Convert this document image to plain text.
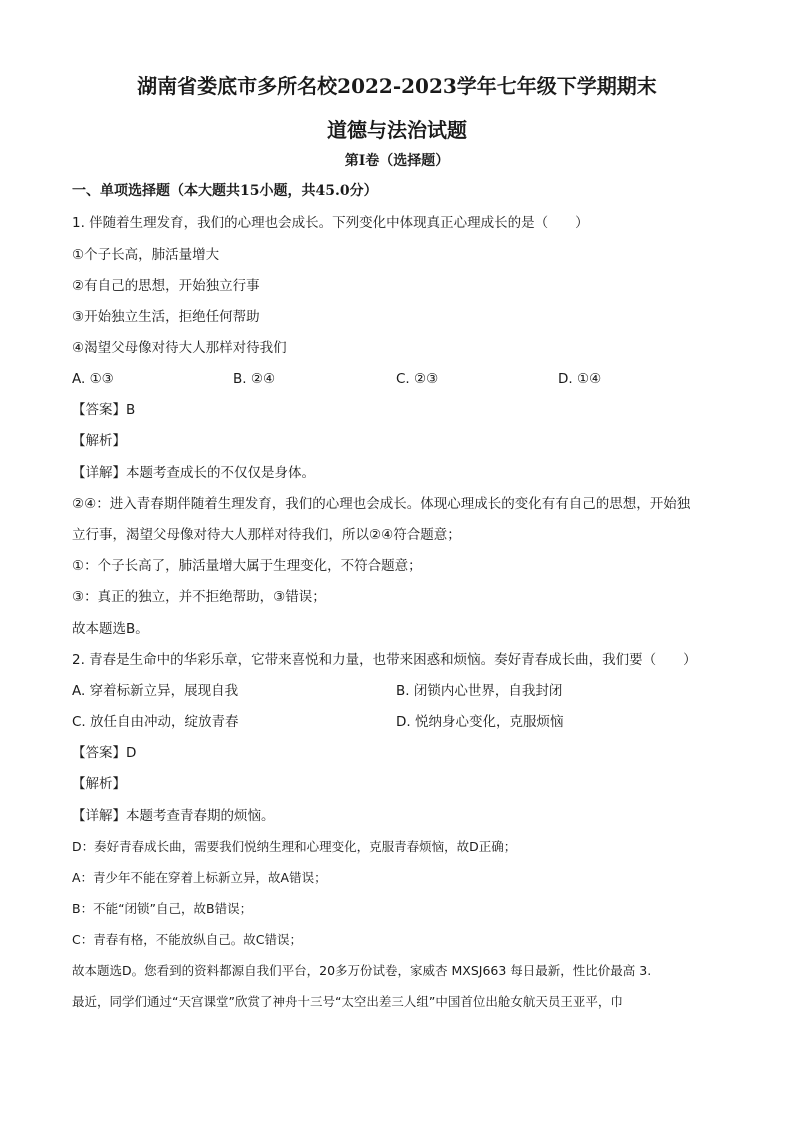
湖南省娄底市多所名校2022-2023学年七年级下学期期末
道德与法治试题
第Ⅰ卷（选择题）
一、单项选择题（本大题共15小题，共45.0分）
1. 伴随着生理发育，我们的心理也会成长。下列变化中体现真正心理成长的是（　　）
①个子长高，肺活量增大
②有自己的思想，开始独立行事
③开始独立生活，拒绝任何帮助
④渴望父母像对待大人那样对待我们
A. ①③	B. ②④	C. ②③	D. ①④
【答案】B
【解析】
【详解】本题考查成长的不仅仅是身体。
②④：进入青春期伴随着生理发育，我们的心理也会成长。体现心理成长的变化有有自己的思想，开始独
立行事，渴望父母像对待大人那样对待我们，所以②④符合题意；
①：个子长高了，肺活量增大属于生理变化，不符合题意；
③：真正的独立，并不拒绝帮助，③错误；
故本题选B。
2. 青春是生命中的华彩乐章，它带来喜悦和力量，也带来困惑和烦恼。奏好青春成长曲，我们要（　　）
A. 穿着标新立异，展现自我	B. 闭锁内心世界，自我封闭
C. 放任自由冲动，绽放青春	D. 悦纳身心变化，克服烦恼
【答案】D
【解析】
【详解】本题考查青春期的烦恼。
D：奏好青春成长曲，需要我们悦纳生理和心理变化，克服青春烦恼，故D正确；
A：青少年不能在穿着上标新立异，故A错误；
B：不能“闭锁”自己，故B错误；
C：青春有格，不能放纵自己。故C错误；
故本题选D。您看到的资料都源自我们平台，20多万份试卷，家威杏 MXSJ663 每日最新，性比价最高 3.
最近，同学们通过“天宫课堂”欣赏了神舟十三号“太空出差三人组”中国首位出舱女航天员王亚平，巾
